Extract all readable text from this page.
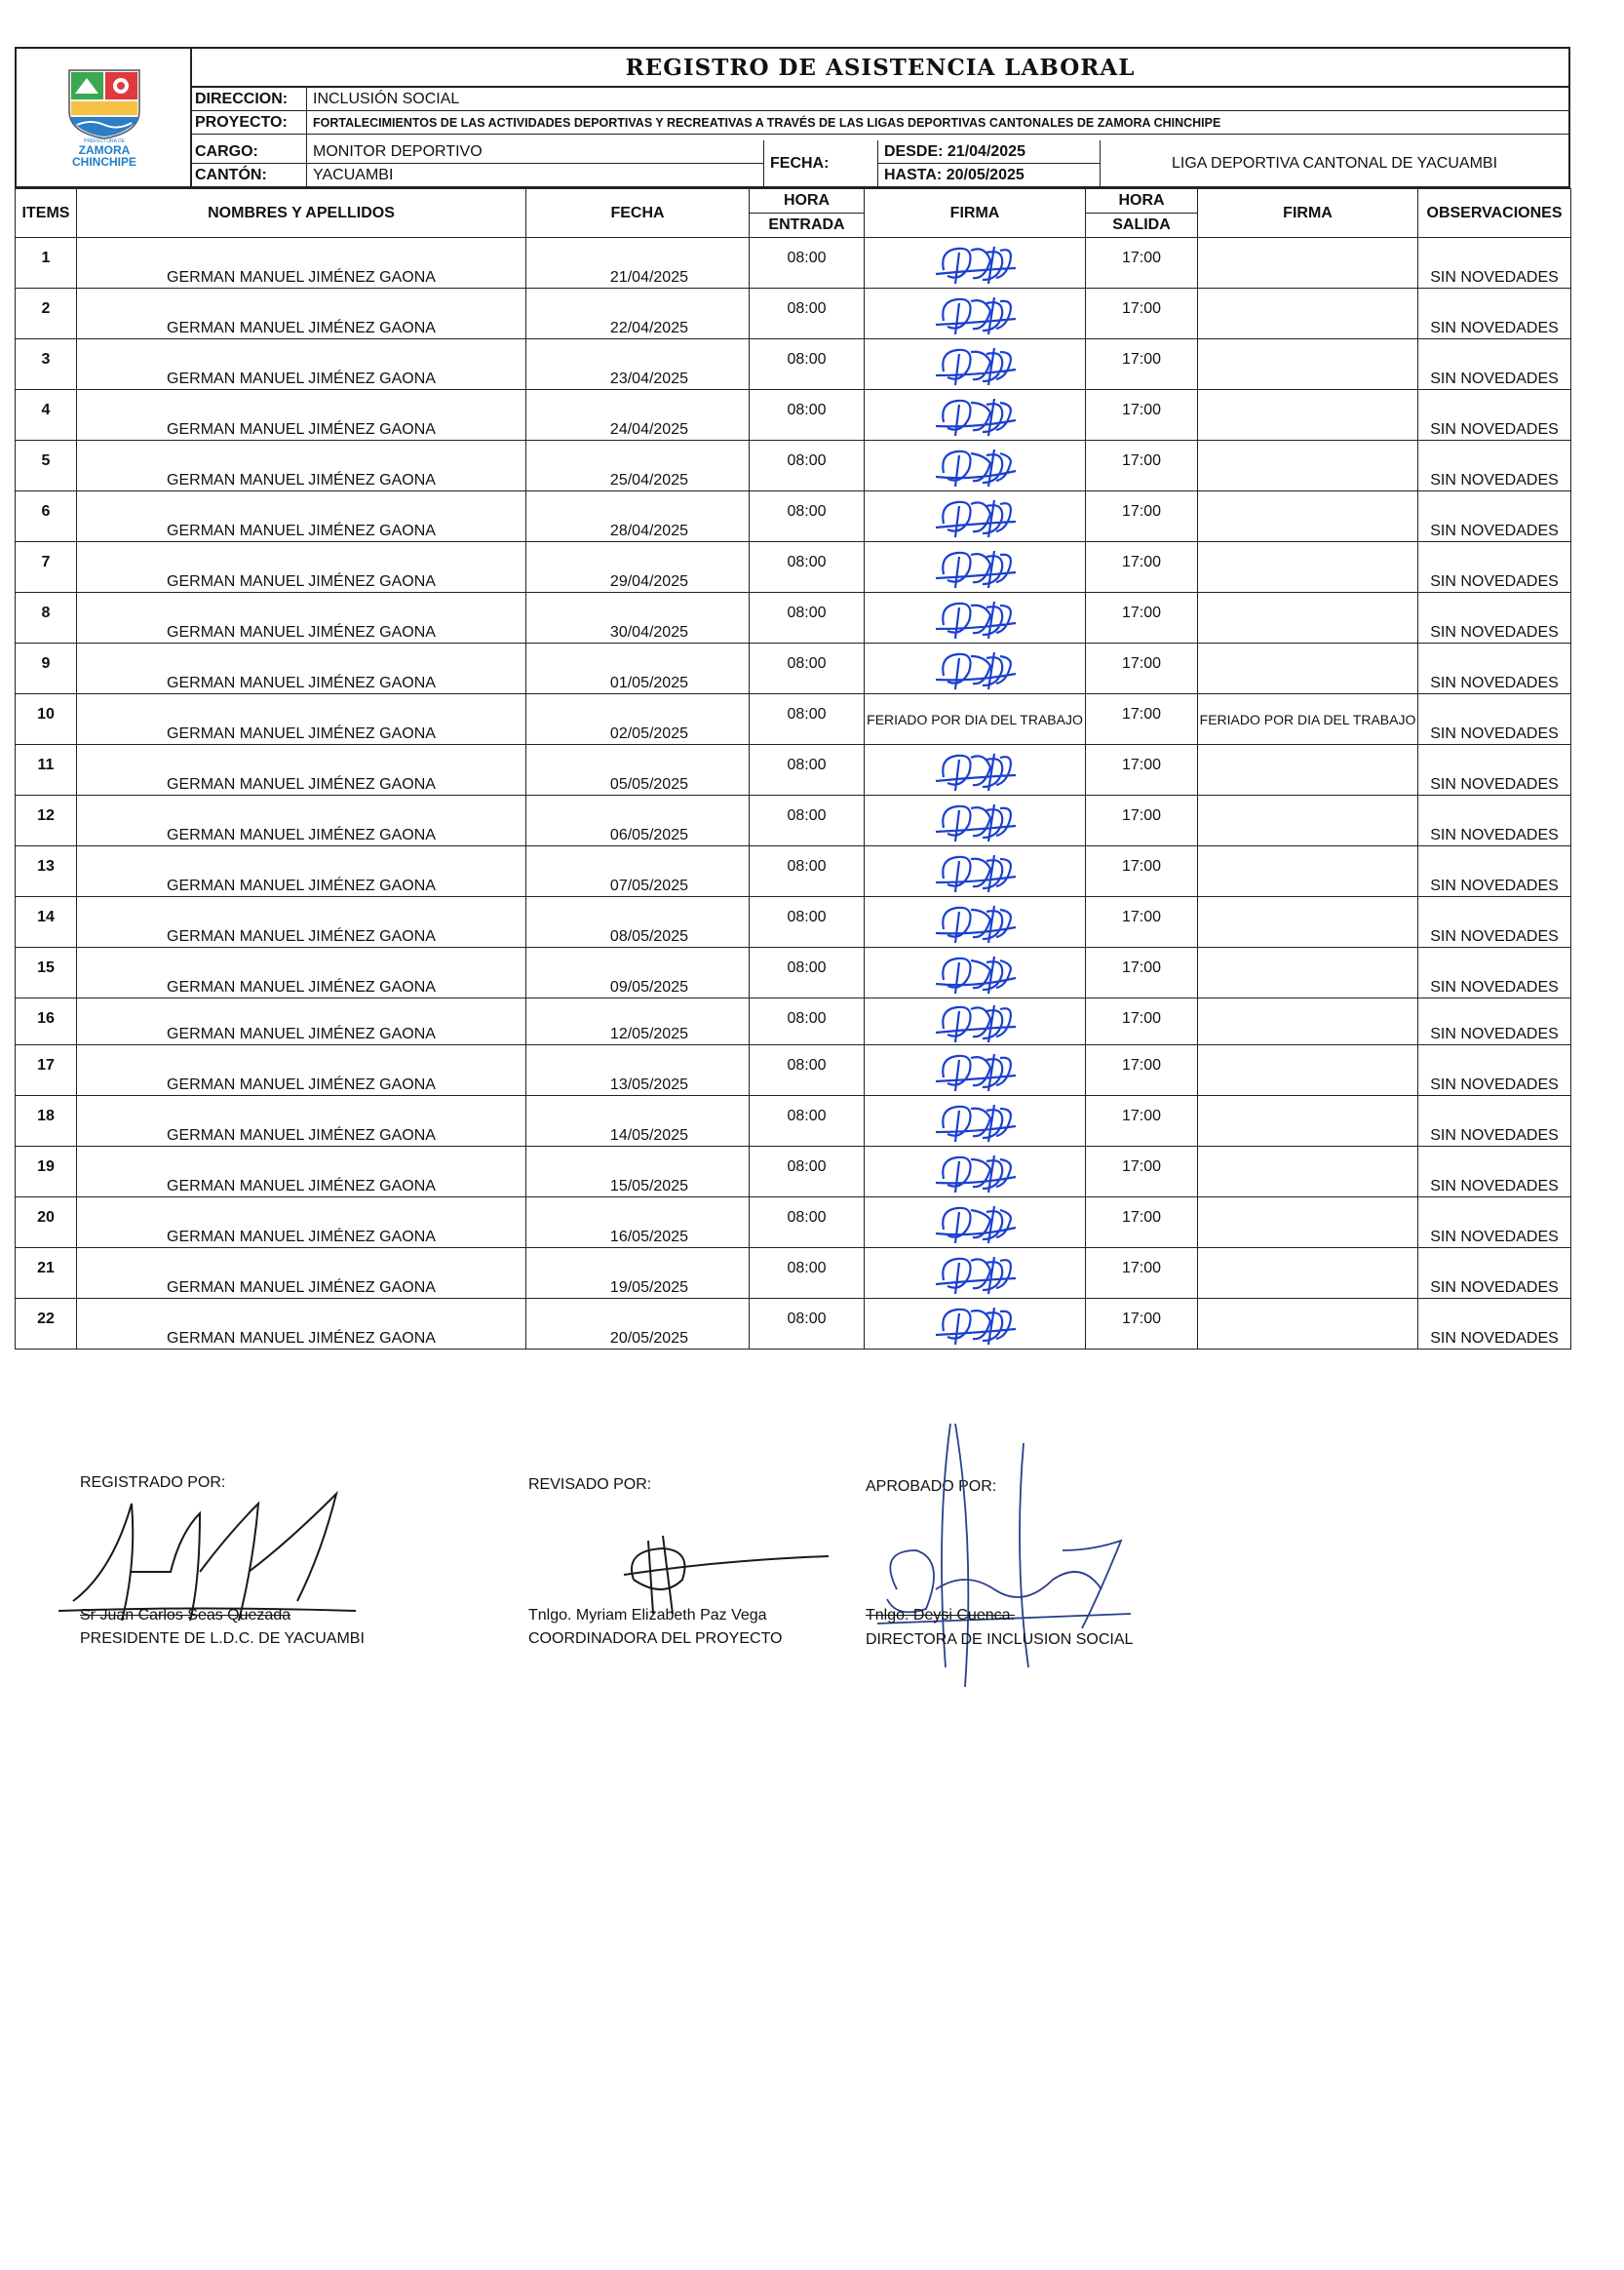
PREFECTURA DE
ZAMORA
CHINCHIPE
REGISTRO DE ASISTENCIA LABORAL
DIRECCION:	INCLUSIÓN SOCIAL
PROYECTO:	FORTALECIMIENTOS DE LAS ACTIVIDADES DEPORTIVAS Y RECREATIVAS A TRAVÉS DE LAS LIGAS DEPORTIVAS CANTONALES DE ZAMORA CHINCHIPE
CARGO:	MONITOR DEPORTIVO
CANTÓN:	YACUAMBI
FECHA:
DESDE: 21/04/2025
HASTA: 20/05/2025
LIGA DEPORTIVA CANTONAL DE YACUAMBI
ITEMS	NOMBRES Y APELLIDOS	FECHA	HORA	FIRMA	HORA	FIRMA	OBSERVACIONES
			ENTRADA		SALIDA		
1	GERMAN MANUEL JIMÉNEZ GAONA	21/04/2025	08:00		17:00		SIN NOVEDADES
2	GERMAN MANUEL JIMÉNEZ GAONA	22/04/2025	08:00		17:00		SIN NOVEDADES
3	GERMAN MANUEL JIMÉNEZ GAONA	23/04/2025	08:00		17:00		SIN NOVEDADES
4	GERMAN MANUEL JIMÉNEZ GAONA	24/04/2025	08:00		17:00		SIN NOVEDADES
5	GERMAN MANUEL JIMÉNEZ GAONA	25/04/2025	08:00		17:00		SIN NOVEDADES
6	GERMAN MANUEL JIMÉNEZ GAONA	28/04/2025	08:00		17:00		SIN NOVEDADES
7	GERMAN MANUEL JIMÉNEZ GAONA	29/04/2025	08:00		17:00		SIN NOVEDADES
8	GERMAN MANUEL JIMÉNEZ GAONA	30/04/2025	08:00		17:00		SIN NOVEDADES
9	GERMAN MANUEL JIMÉNEZ GAONA	01/05/2025	08:00		17:00		SIN NOVEDADES
10	GERMAN MANUEL JIMÉNEZ GAONA	02/05/2025	08:00	FERIADO POR DIA DEL TRABAJO	17:00	FERIADO POR DIA DEL TRABAJO	SIN NOVEDADES
11	GERMAN MANUEL JIMÉNEZ GAONA	05/05/2025	08:00		17:00		SIN NOVEDADES
12	GERMAN MANUEL JIMÉNEZ GAONA	06/05/2025	08:00		17:00		SIN NOVEDADES
13	GERMAN MANUEL JIMÉNEZ GAONA	07/05/2025	08:00		17:00		SIN NOVEDADES
14	GERMAN MANUEL JIMÉNEZ GAONA	08/05/2025	08:00		17:00		SIN NOVEDADES
15	GERMAN MANUEL JIMÉNEZ GAONA	09/05/2025	08:00		17:00		SIN NOVEDADES
16	GERMAN MANUEL JIMÉNEZ GAONA	12/05/2025	08:00		17:00		SIN NOVEDADES
17	GERMAN MANUEL JIMÉNEZ GAONA	13/05/2025	08:00		17:00		SIN NOVEDADES
18	GERMAN MANUEL JIMÉNEZ GAONA	14/05/2025	08:00		17:00		SIN NOVEDADES
19	GERMAN MANUEL JIMÉNEZ GAONA	15/05/2025	08:00		17:00		SIN NOVEDADES
20	GERMAN MANUEL JIMÉNEZ GAONA	16/05/2025	08:00		17:00		SIN NOVEDADES
21	GERMAN MANUEL JIMÉNEZ GAONA	19/05/2025	08:00		17:00		SIN NOVEDADES
22	GERMAN MANUEL JIMÉNEZ GAONA	20/05/2025	08:00		17:00		SIN NOVEDADES
REGISTRADO POR:
Sr Juan Carlos Seas Quezada
PRESIDENTE DE L.D.C. DE YACUAMBI
REVISADO POR:
Tnlgo. Myriam Elizabeth Paz Vega
COORDINADORA DEL PROYECTO
APROBADO POR:
Tnlgo. Deysi Cuenca.
DIRECTORA DE INCLUSION SOCIAL
